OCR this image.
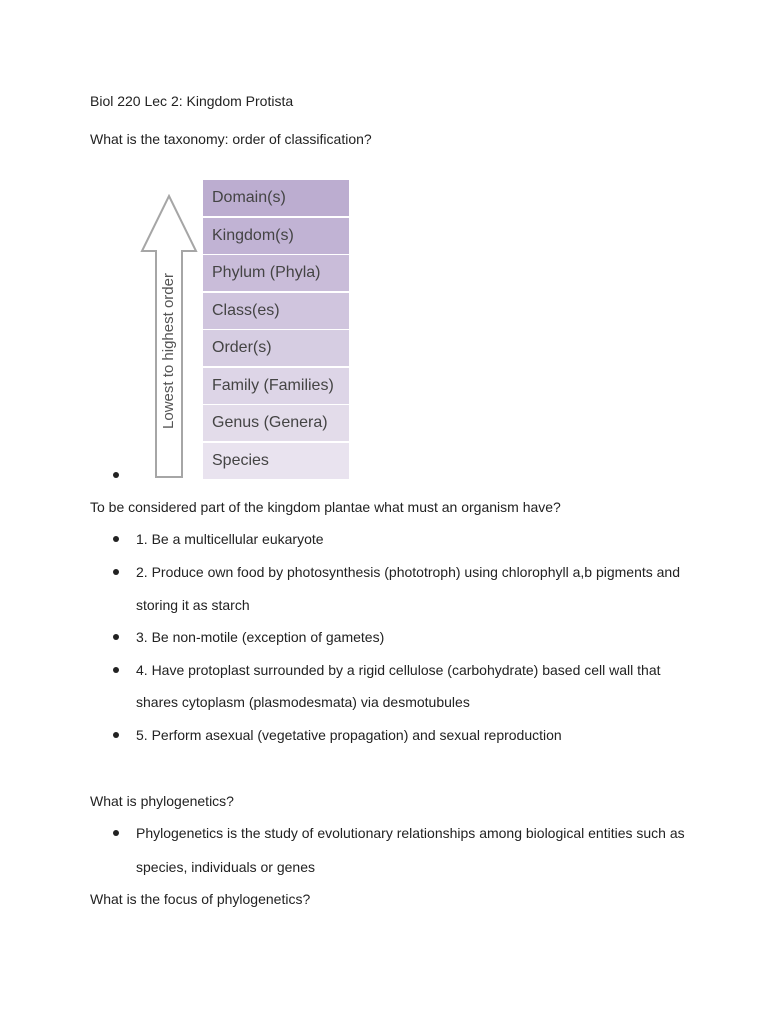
Biol 220 Lec 2: Kingdom Protista
What is the taxonomy: order of classification?
Lowest to highest order
Domain(s)
Kingdom(s)
Phylum (Phyla)
Class(es)
Order(s)
Family (Families)
Genus (Genera)
Species
To be considered part of the kingdom plantae what must an organism have?
1. Be a multicellular eukaryote
2. Produce own food by photosynthesis (phototroph) using chlorophyll a,b pigments and
storing it as starch
3. Be non-motile (exception of gametes)
4. Have protoplast surrounded by a rigid cellulose (carbohydrate) based cell wall that
shares cytoplasm (plasmodesmata) via desmotubules
5. Perform asexual (vegetative propagation) and sexual reproduction
What is phylogenetics?
Phylogenetics is the study of evolutionary relationships among biological entities such as
species, individuals or genes
What is the focus of phylogenetics?
